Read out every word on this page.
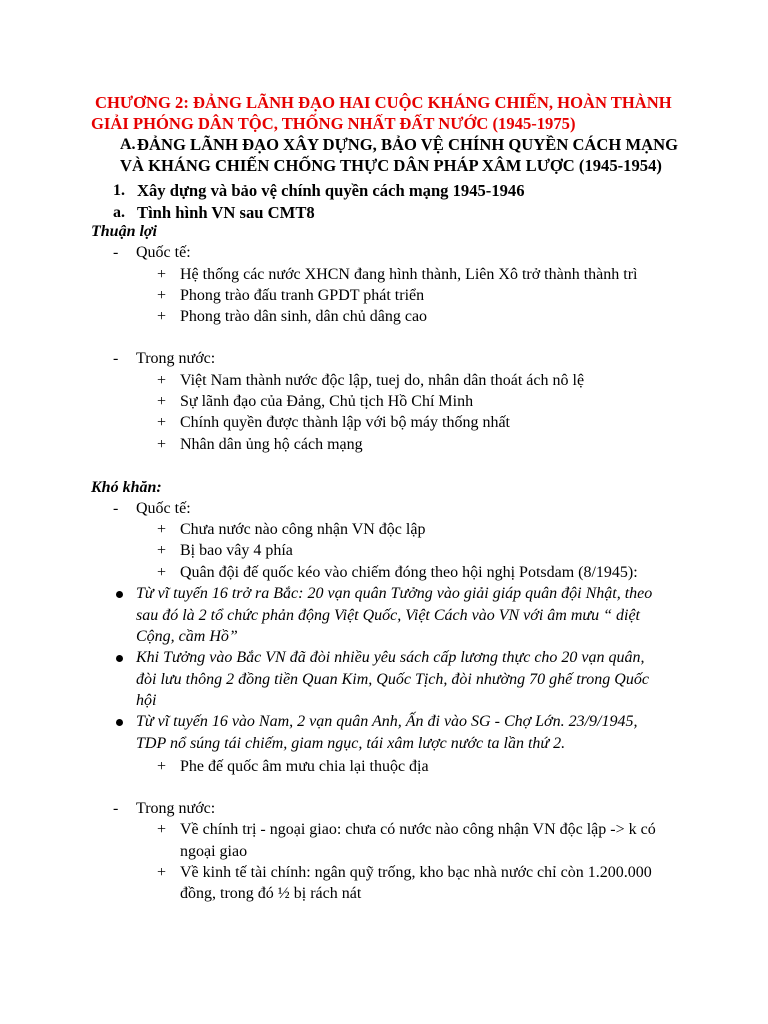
CHƯƠNG 2: ĐẢNG LÃNH ĐẠO HAI CUỘC KHÁNG CHIẾN, HOÀN THÀNH
GIẢI PHÓNG DÂN TỘC, THỐNG NHẤT ĐẤT NƯỚC (1945-1975)
A. ĐẢNG LÃNH ĐẠO XÂY DỰNG, BẢO VỆ CHÍNH QUYỀN CÁCH MẠNG
VÀ KHÁNG CHIẾN CHỐNG THỰC DÂN PHÁP XÂM LƯỢC (1945-1954)
1. Xây dựng và bảo vệ chính quyền cách mạng 1945-1946
a. Tình hình VN sau CMT8
Thuận lợi
- Quốc tế:
+ Hệ thống các nước XHCN đang hình thành, Liên Xô trở thành thành trì
+ Phong trào đấu tranh GPDT phát triển
+ Phong trào dân sinh, dân chủ dâng cao
- Trong nước:
+ Việt Nam thành nước độc lập, tuej do, nhân dân thoát ách nô lệ
+ Sự lãnh đạo của Đảng, Chủ tịch Hồ Chí Minh
+ Chính quyền được thành lập với bộ máy thống nhất
+ Nhân dân ủng hộ cách mạng
Khó khăn:
- Quốc tế:
+ Chưa nước nào công nhận VN độc lập
+ Bị bao vây 4 phía
+ Quân đội đế quốc kéo vào chiếm đóng theo hội nghị Potsdam (8/1945):
Từ vĩ tuyến 16 trở ra Bắc: 20 vạn quân Tưởng vào giải giáp quân đội Nhật, theo
sau đó là 2 tổ chức phản động Việt Quốc, Việt Cách vào VN với âm mưu “ diệt
Cộng, cầm Hồ”
Khi Tưởng vào Bắc VN đã đòi nhiều yêu sách cấp lương thực cho 20 vạn quân,
đòi lưu thông 2 đồng tiền Quan Kim, Quốc Tịch, đòi nhường 70 ghế trong Quốc
hội
Từ vĩ tuyến 16 vào Nam, 2 vạn quân Anh, Ấn đi vào SG - Chợ Lớn. 23/9/1945,
TDP nổ súng tái chiếm, giam ngục, tái xâm lược nước ta lần thứ 2.
+ Phe đế quốc âm mưu chia lại thuộc địa
- Trong nước:
+ Về chính trị - ngoại giao: chưa có nước nào công nhận VN độc lập -> k có
ngoại giao
+ Về kinh tế tài chính: ngân quỹ trống, kho bạc nhà nước chỉ còn 1.200.000
đồng, trong đó ½ bị rách nát
